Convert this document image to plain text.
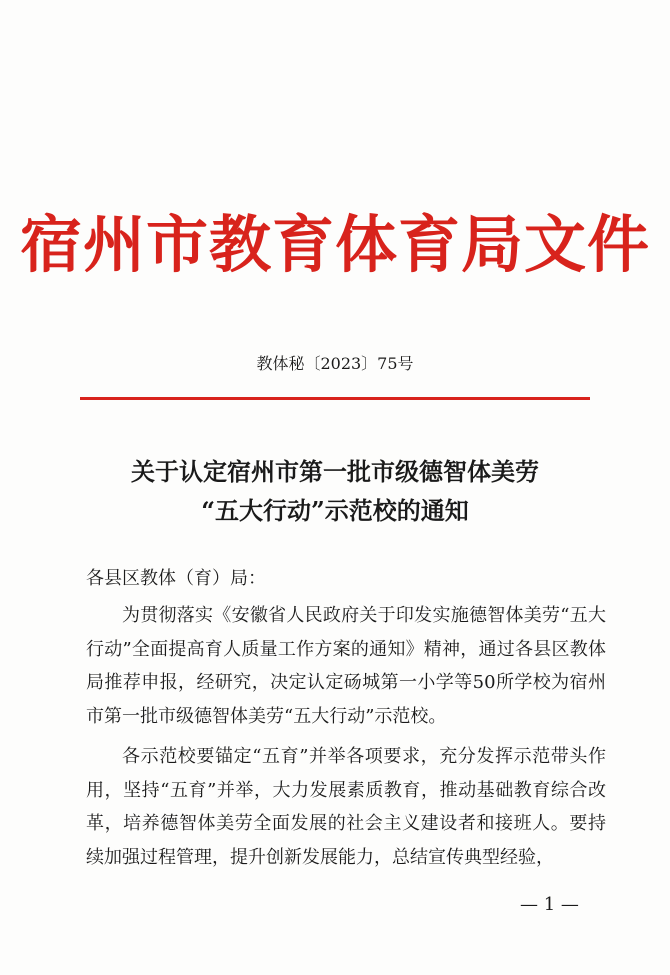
宿州市教育体育局文件
教体秘〔2023〕75号
关于认定宿州市第一批市级德智体美劳
“五大行动”示范校的通知
各县区教体（育）局：

为贯彻落实《安徽省人民政府关于印发实施德智体美劳“五大行动”全面提高育人质量工作方案的通知》精神，通过各县区教体局推荐申报，经研究，决定认定砀城第一小学等50所学校为宿州市第一批市级德智体美劳“五大行动”示范校。

各示范校要锚定“五育”并举各项要求，充分发挥示范带头作用，坚持“五育”并举，大力发展素质教育，推动基础教育综合改革，培养德智体美劳全面发展的社会主义建设者和接班人。要持续加强过程管理，提升创新发展能力，总结宣传典型经验，

— 1 —
